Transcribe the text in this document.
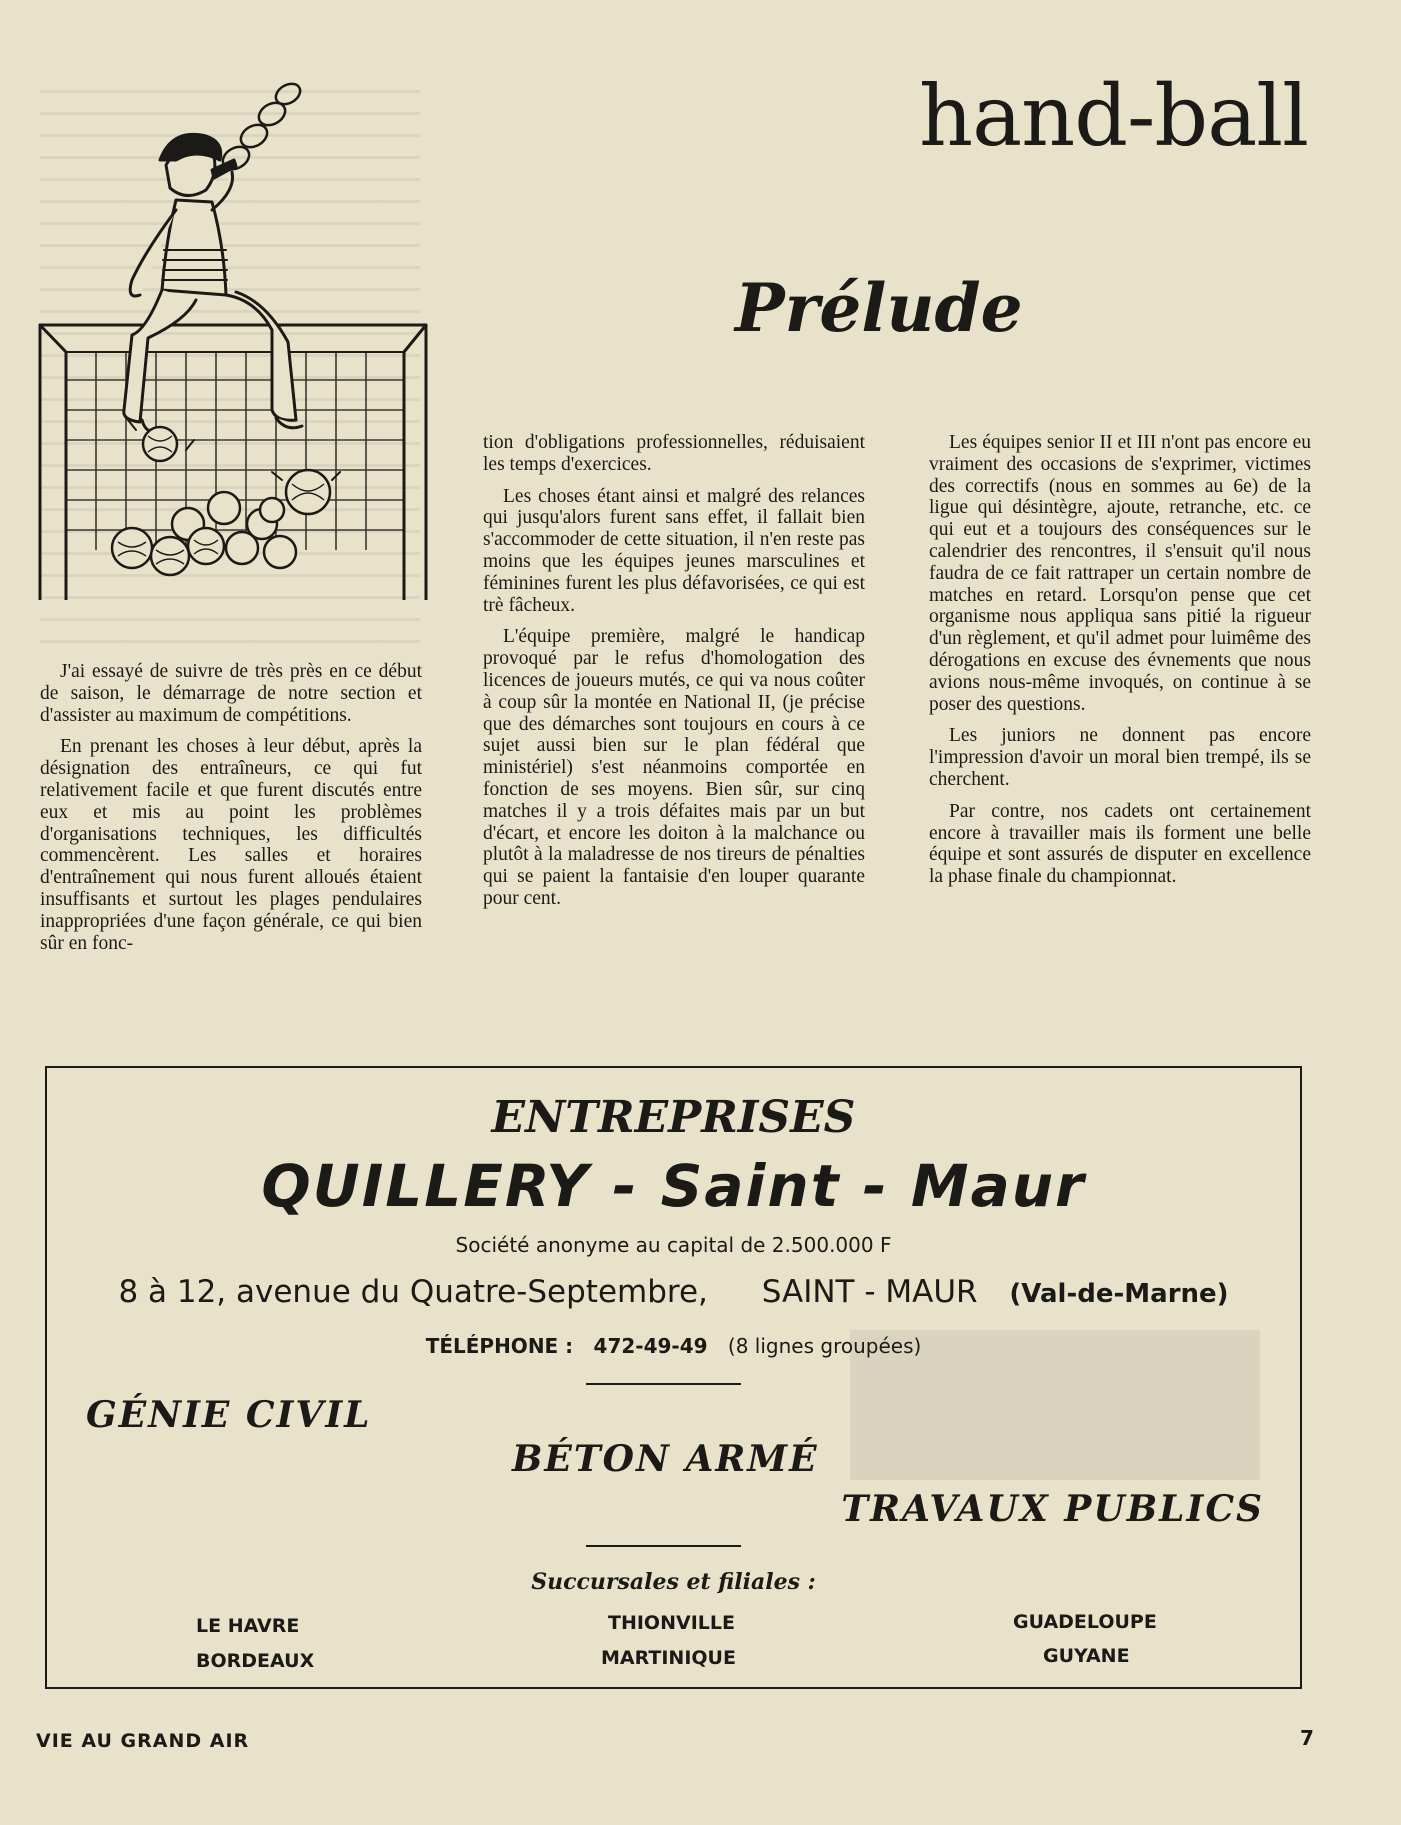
hand-ball
Prélude

J'ai essayé de suivre de très près en ce début de saison, le démarrage de notre section et d'assister au maximum de compétitions.

En prenant les choses à leur début, après la désignation des entraîneurs, ce qui fut relativement facile et que furent discutés entre eux et mis au point les problèmes d'organisations techniques, les difficultés commencèrent. Les salles et horaires d'entraînement qui nous furent alloués étaient insuffisants et surtout les plages pendulaires inappropriées d'une façon générale, ce qui bien sûr en fonc-

tion d'obligations professionnelles, réduisaient les temps d'exercices.

Les choses étant ainsi et malgré des relances qui jusqu'alors furent sans effet, il fallait bien s'accommoder de cette situation, il n'en reste pas moins que les équipes jeunes marsculines et féminines furent les plus défavorisées, ce qui est trè fâcheux.

L'équipe première, malgré le handicap provoqué par le refus d'homologation des licences de joueurs mutés, ce qui va nous coûter à coup sûr la montée en National II, (je précise que des démarches sont toujours en cours à ce sujet aussi bien sur le plan fédéral que ministériel) s'est néanmoins comportée en fonction de ses moyens. Bien sûr, sur cinq matches il y a trois défaites mais par un but d'écart, et encore les doiton à la malchance ou plutôt à la maladresse de nos tireurs de pénalties qui se paient la fantaisie d'en louper quarante pour cent.

Les équipes senior II et III n'ont pas encore eu vraiment des occasions de s'exprimer, victimes des correctifs (nous en sommes au 6e) de la ligue qui désintègre, ajoute, retranche, etc. ce qui eut et a toujours des conséquences sur le calendrier des rencontres, il s'ensuit qu'il nous faudra de ce fait rattraper un certain nombre de matches en retard. Lorsqu'on pense que cet organisme nous appliqua sans pitié la rigueur d'un règlement, et qu'il admet pour luimême des dérogations en excuse des évnements que nous avions nous-même invoqués, on continue à se poser des questions.

Les juniors ne donnent pas encore l'impression d'avoir un moral bien trempé, ils se cherchent.

Par contre, nos cadets ont certainement encore à travailler mais ils forment une belle équipe et sont assurés de disputer en excellence la phase finale du championnat.

ENTREPRISES
QUILLERY - Saint - Maur
Société anonyme au capital de 2.500.000 F
8 à 12, avenue du Quatre-Septembre, SAINT - MAUR (Val-de-Marne)
TÉLÉPHONE : 472-49-49 (8 lignes groupées)
GÉNIE CIVIL
BÉTON ARMÉ
TRAVAUX PUBLICS
Succursales et filiales :
LE HAVRE
BORDEAUX
THIONVILLE
MARTINIQUE
GUADELOUPE
GUYANE
VIE AU GRAND AIR	7
